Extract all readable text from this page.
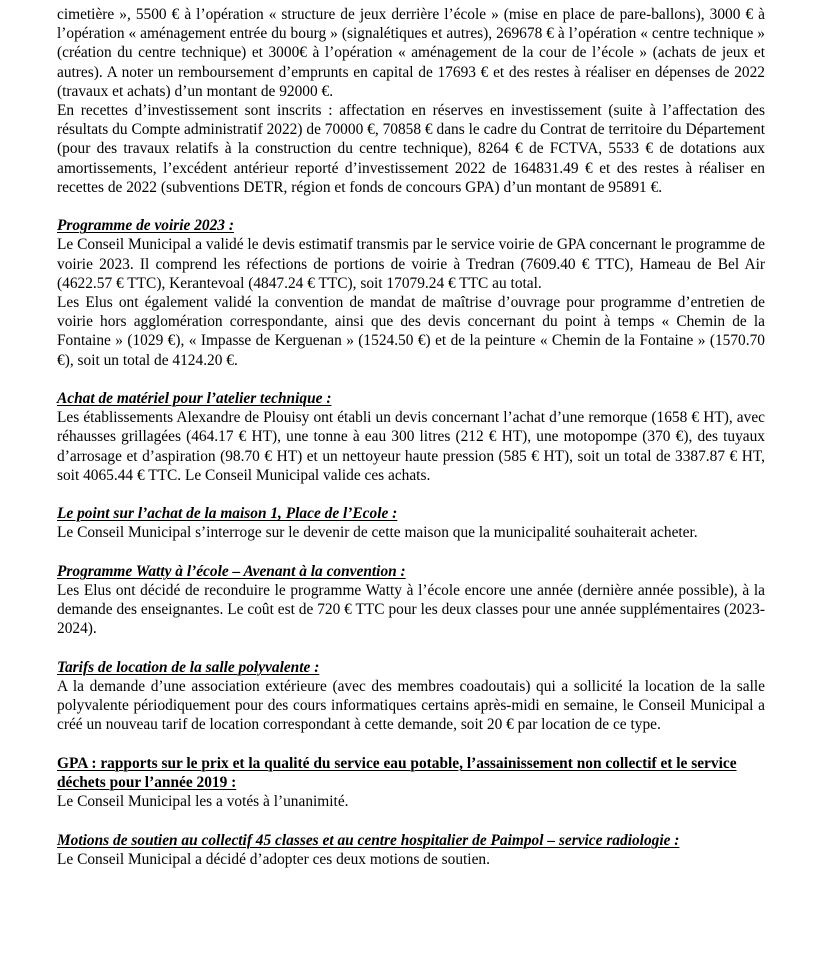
cimetière », 5500 € à l’opération « structure de jeux derrière l’école » (mise en place de pare-ballons), 3000 € à l’opération « aménagement entrée du bourg » (signalétiques et autres), 269678 € à l’opération « centre technique » (création du centre technique) et 3000€ à l’opération « aménagement de la cour de l’école » (achats de jeux et autres). A noter un remboursement d’emprunts en capital de 17693 € et des restes à réaliser en dépenses de 2022 (travaux et achats) d’un montant de 92000 €.

En recettes d’investissement sont inscrits : affectation en réserves en investissement (suite à l’affectation des résultats du Compte administratif 2022) de 70000 €, 70858 € dans le cadre du Contrat de territoire du Département (pour des travaux relatifs à la construction du centre technique), 8264 € de FCTVA, 5533 € de dotations aux amortissements, l’excédent antérieur reporté d’investissement 2022 de 164831.49 € et des restes à réaliser en recettes de 2022 (subventions DETR, région et fonds de concours GPA) d’un montant de 95891 €.

Programme de voirie 2023 :

Le Conseil Municipal a validé le devis estimatif transmis par le service voirie de GPA concernant le programme de voirie 2023. Il comprend les réfections de portions de voirie à Tredran (7609.40 € TTC), Hameau de Bel Air (4622.57 € TTC), Kerantevoal (4847.24 € TTC), soit 17079.24 € TTC au total.

Les Elus ont également validé la convention de mandat de maîtrise d’ouvrage pour programme d’entretien de voirie hors agglomération correspondante, ainsi que des devis concernant du point à temps « Chemin de la Fontaine » (1029 €), « Impasse de Kerguenan » (1524.50 €) et de la peinture « Chemin de la Fontaine » (1570.70 €), soit un total de 4124.20 €.

Achat de matériel pour l’atelier technique :

Les établissements Alexandre de Plouisy ont établi un devis concernant l’achat d’une remorque (1658 € HT), avec réhausses grillagées (464.17 € HT), une tonne à eau 300 litres (212 € HT), une motopompe (370 €), des tuyaux d’arrosage et d’aspiration (98.70 € HT) et un nettoyeur haute pression (585 € HT), soit un total de 3387.87 € HT, soit 4065.44 € TTC. Le Conseil Municipal valide ces achats.

Le point sur l’achat de la maison 1, Place de l’Ecole :

Le Conseil Municipal s’interroge sur le devenir de cette maison que la municipalité souhaiterait acheter.

Programme Watty à l’école – Avenant à la convention :

Les Elus ont décidé de reconduire le programme Watty à l’école encore une année (dernière année possible), à la demande des enseignantes. Le coût est de 720 € TTC pour les deux classes pour une année supplémentaires (2023-2024).

Tarifs de location de la salle polyvalente :

A la demande d’une association extérieure (avec des membres coadoutais) qui a sollicité la location de la salle polyvalente périodiquement pour des cours informatiques certains après-midi en semaine, le Conseil Municipal a créé un nouveau tarif de location correspondant à cette demande, soit 20 € par location de ce type.

GPA : rapports sur le prix et la qualité du service eau potable, l’assainissement non collectif et le service déchets pour l’année 2019 :

Le Conseil Municipal les a votés à l’unanimité.

Motions de soutien au collectif 45 classes et au centre hospitalier de Paimpol – service radiologie :

Le Conseil Municipal a décidé d’adopter ces deux motions de soutien.
